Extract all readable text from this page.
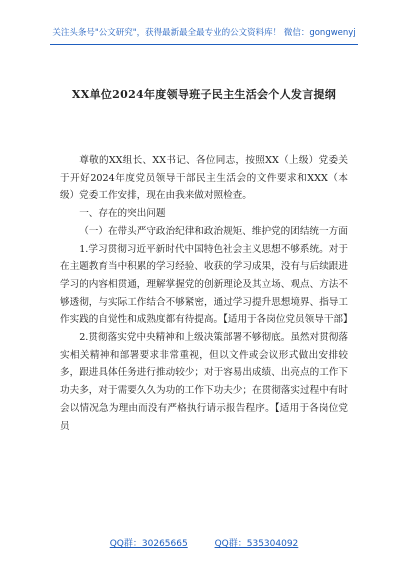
关注头条号"公文研究"，获得最新最全最专业的公文资料库！ 微信：gongwenyj
XX单位2024年度领导班子民主生活会个人发言提纲

尊敬的XX组长、XX书记、各位同志，按照XX（上级）党委关于开好2024年度党员领导干部民主生活会的文件要求和XXX（本级）党委工作安排，现在由我来做对照检查。

一、存在的突出问题

（一）在带头严守政治纪律和政治规矩、维护党的团结统一方面

1.学习贯彻习近平新时代中国特色社会主义思想不够系统。对于在主题教育当中积累的学习经验、收获的学习成果，没有与后续跟进学习的内容相贯通，理解掌握党的创新理论及其立场、观点、方法不够透彻，与实际工作结合不够紧密，通过学习提升思想境界、指导工作实践的自觉性和成熟度都有待提高。【适用于各岗位党员领导干部】

2.贯彻落实党中央精神和上级决策部署不够彻底。虽然对贯彻落实相关精神和部署要求非常重视，但以文件或会议形式做出安排较多，跟进具体任务进行推动较少；对于容易出成绩、出亮点的工作下功夫多，对于需要久久为功的工作下功夫少；在贯彻落实过程中有时会以情况急为理由而没有严格执行请示报告程序。【适用于各岗位党员

QQ群：30265665	QQ群：535304092
